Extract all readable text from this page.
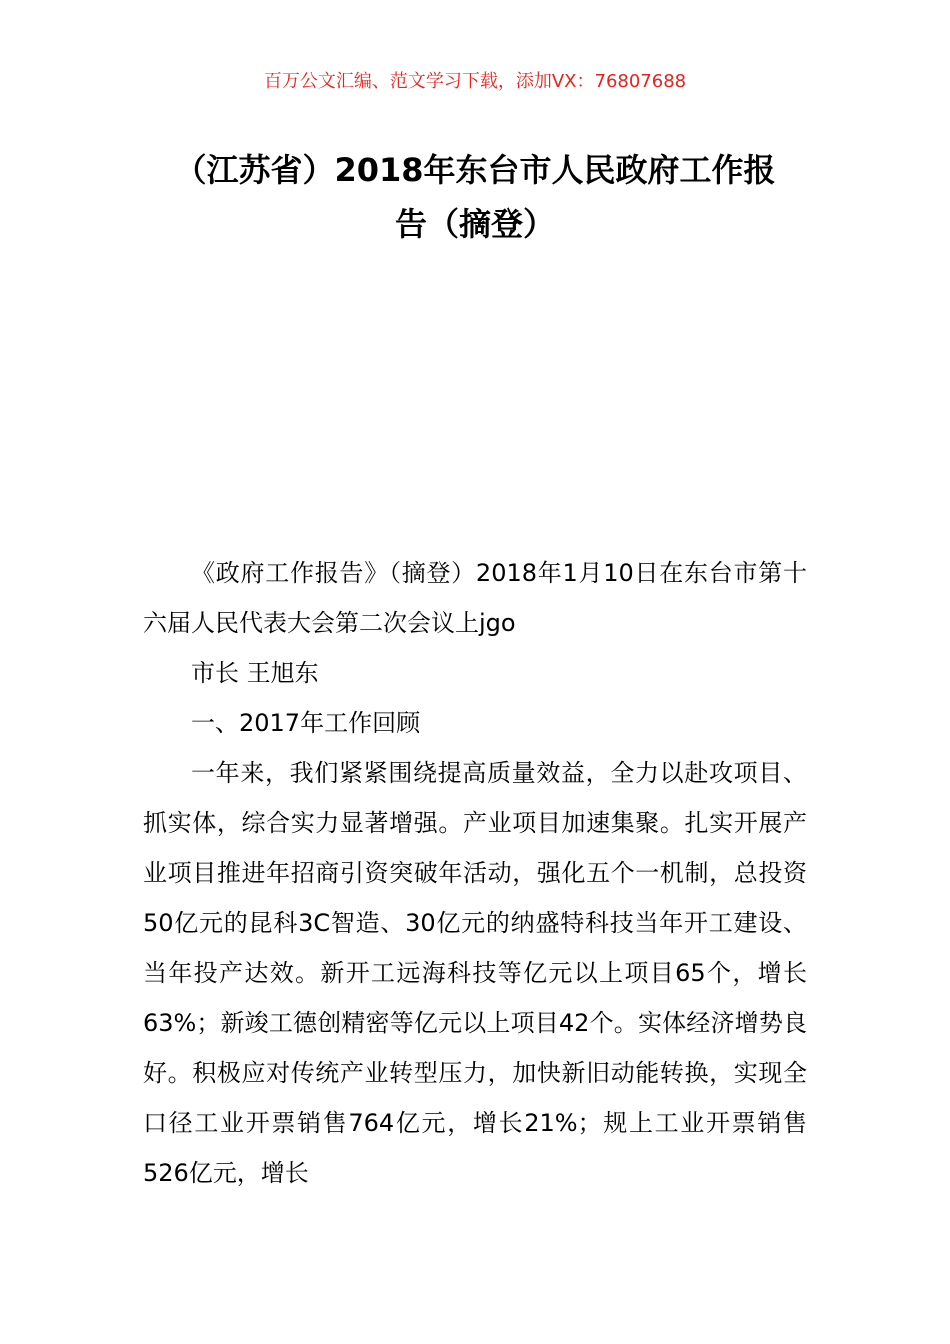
百万公文汇编、范文学习下载，添加VX：76807688
（江苏省）2018年东台市人民政府工作报
告（摘登）

《政府工作报告》（摘登）2018年1月10日在东台市第十六届人民代表大会第二次会议上jgo

市长 王旭东

一、2017年工作回顾

一年来，我们紧紧围绕提高质量效益，全力以赴攻项目、抓实体，综合实力显著增强。产业项目加速集聚。扎实开展产业项目推进年招商引资突破年活动，强化五个一机制，总投资50亿元的昆科3C智造、30亿元的纳盛特科技当年开工建设、当年投产达效。新开工远海科技等亿元以上项目65个，增长63%；新竣工德创精密等亿元以上项目42个。实体经济增势良好。积极应对传统产业转型压力，加快新旧动能转换，实现全口径工业开票销售764亿元，增长21%；规上工业开票销售526亿元，增长
